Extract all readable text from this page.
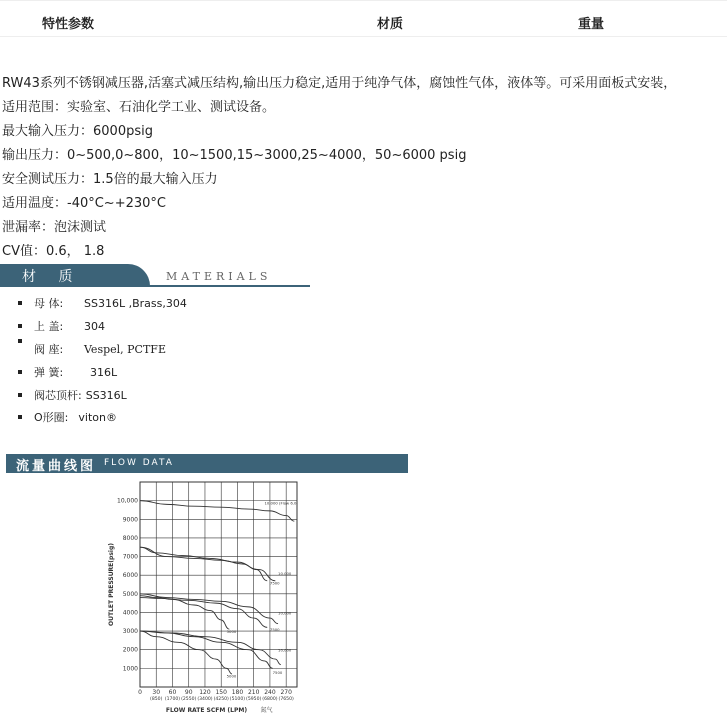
特性参数	材质	重量
RW43系列不锈钢减压器,活塞式减压结构,输出压力稳定,适用于纯净气体，腐蚀性气体，液体等。可采用面板式安装，
适用范围：实验室、石油化学工业、测试设备。
最大输入压力：6000psig
输出压力：0~500,0~800，10~1500,15~3000,25~4000，50~6000 psig
安全测试压力：1.5倍的最大输入压力
适用温度：-40°C~+230°C
泄漏率：泡沫测试
CV值：0.6， 1.8
材 质	MATERIALS
母 体: SS316L ,Brass,304
上 盖: 304
阀 座: Vespel, PCTFE
弹 簧: 316L
阀芯顶杆: SS316L
O形圈: viton®
流量曲线图 FLOW DATA
0 30 60 90 120 150 180 210 240 270
(850) (1700) (2550) (3400) (4250) (5100) (5950) (6800) (7650)
1000
2000
3000
4000
5000
6000
7000
8000
9000
10,000	10,000 (Flow 6.0)
10,000
7500
10,000
7500
5000
10,000
7500
5000
OUTLET PRESSURE(psig)
FLOW RATE SCFM (LPM) 氮气
